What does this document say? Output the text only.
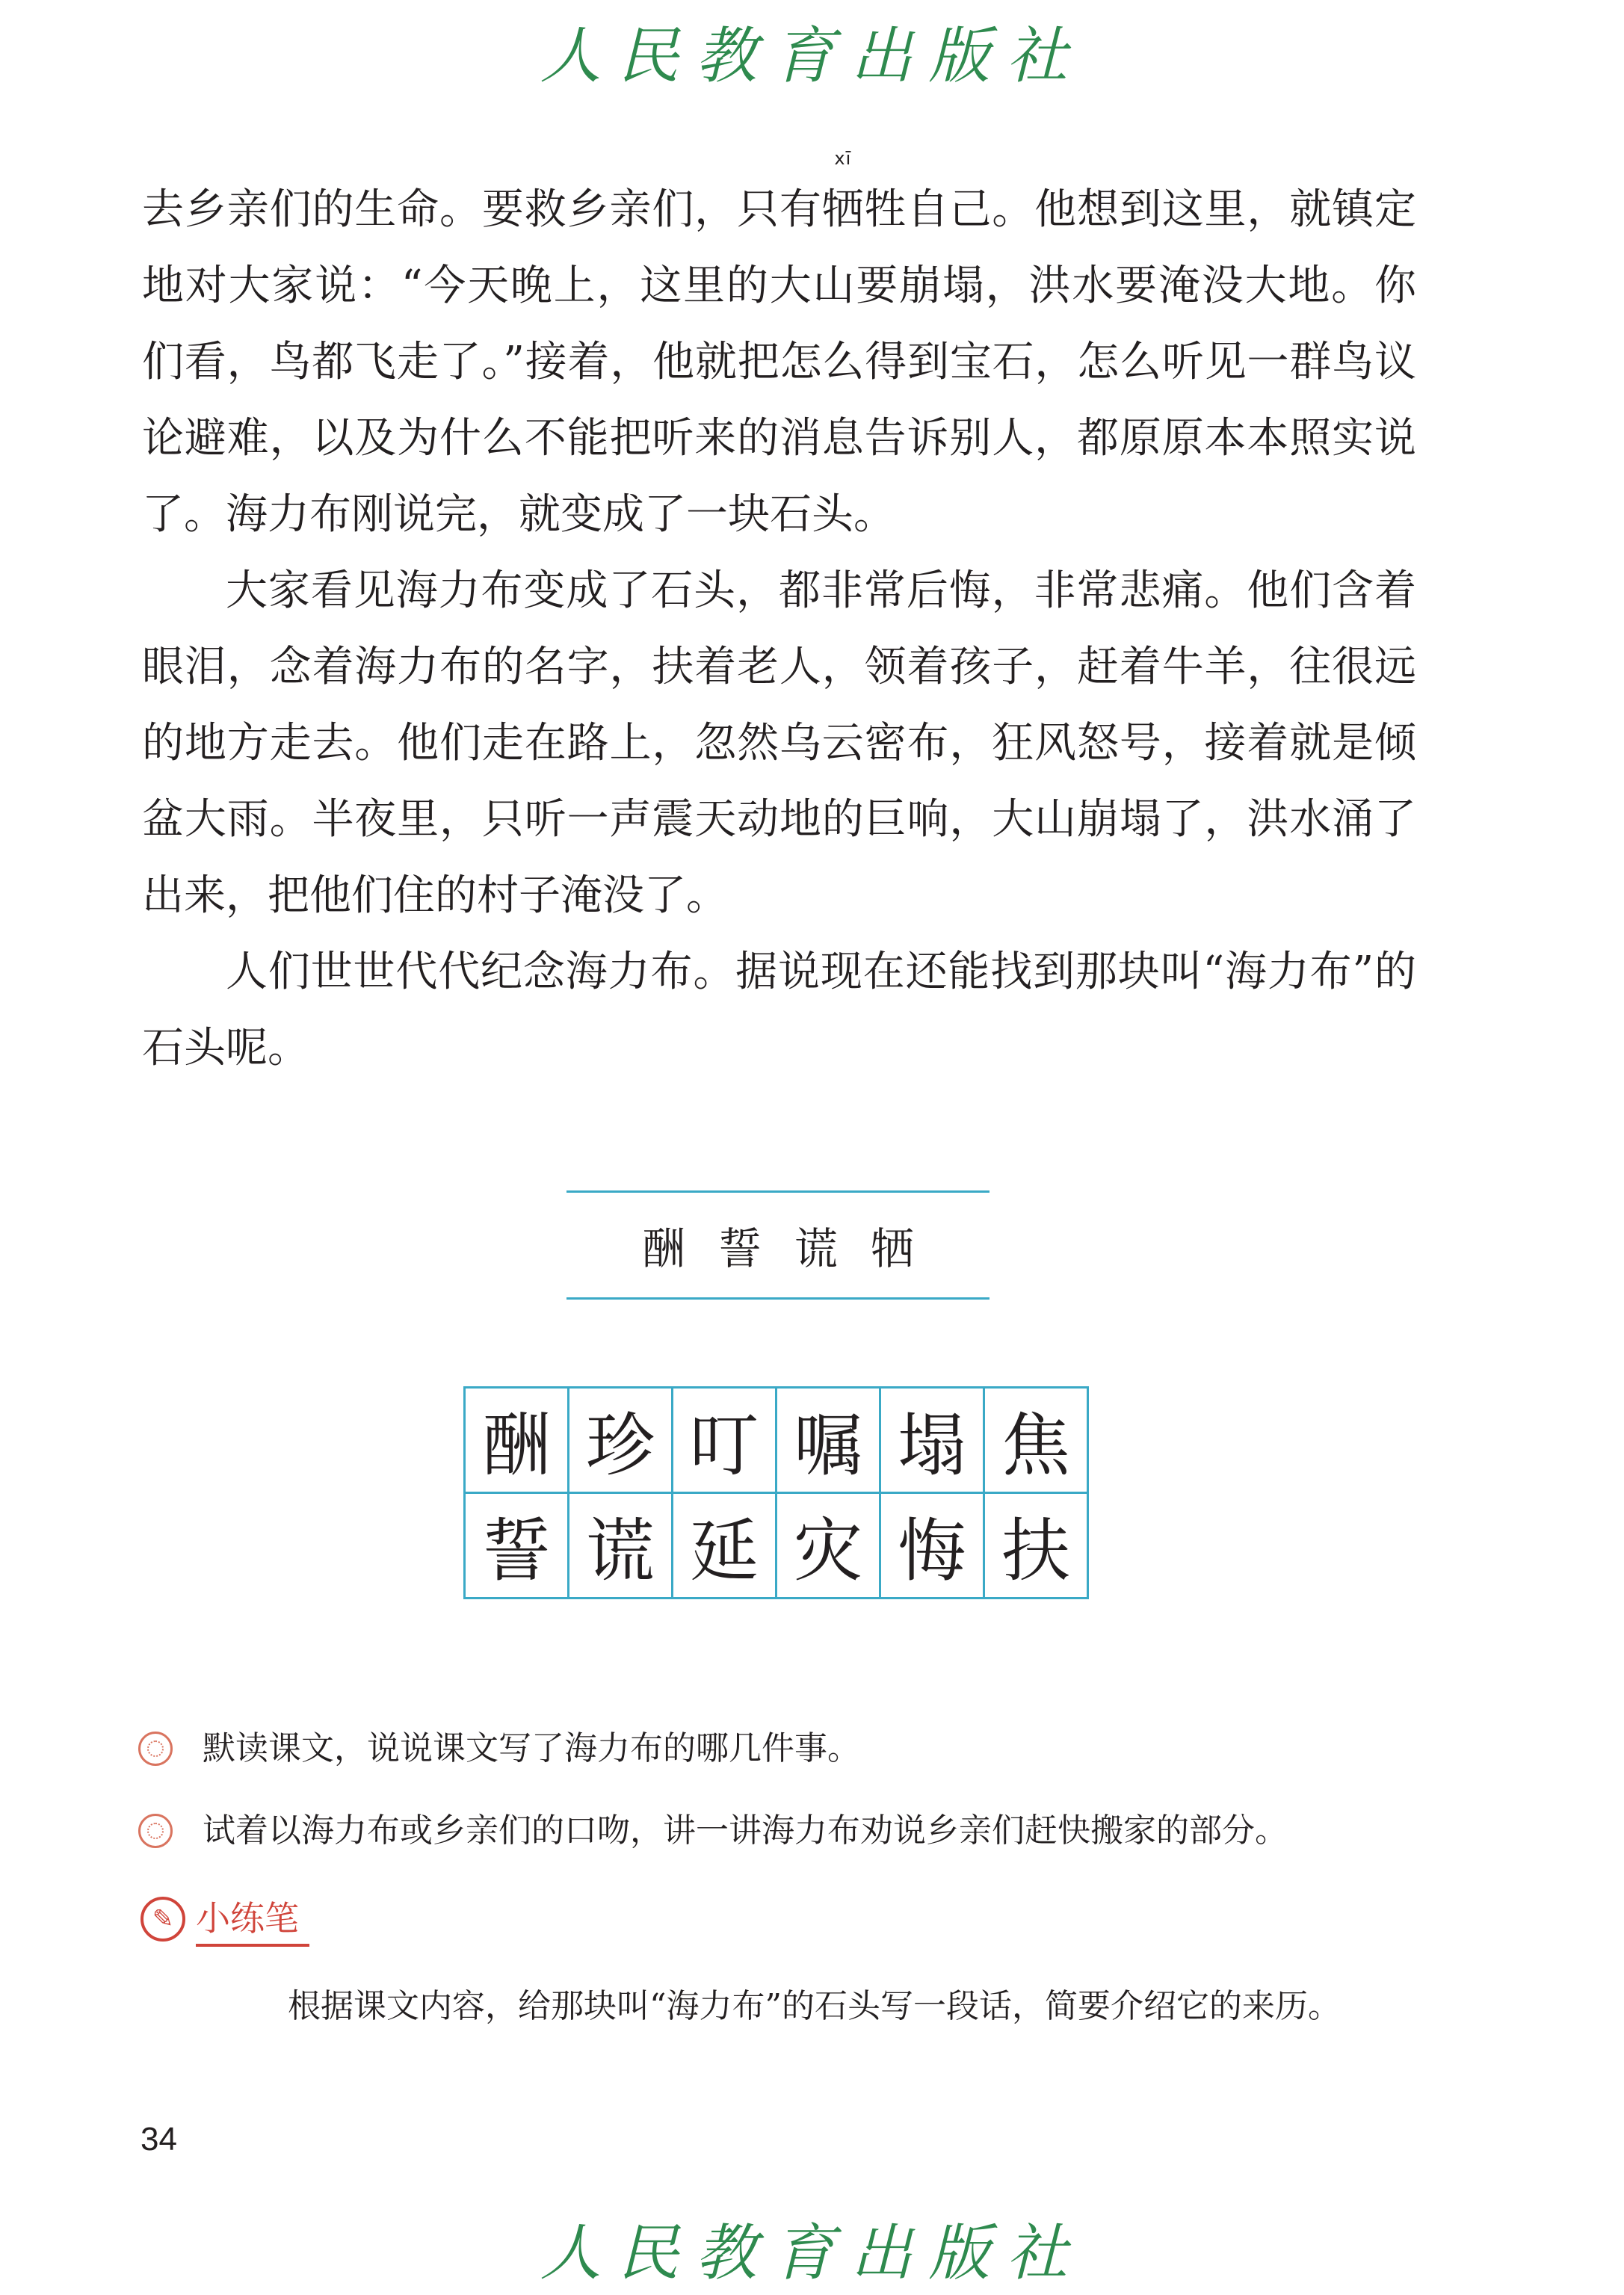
人民教育出版社

去乡亲们的生命。要救乡亲们，只有
xī
牺牲自己。他想到这里，就镇定地对大家说：“今天晚上，这里的大山要崩塌，洪水要淹没大地。你们看，鸟都飞走了。”接着，他就把怎么得到宝石，怎么听见一群鸟议论避难，以及为什么不能把听来的消息告诉别人，都原原本本照实说了。海力布刚说完，就变成了一块石头。

大家看见海力布变成了石头，都非常后悔，非常悲痛。他们含着眼泪，念着海力布的名字，扶着老人，领着孩子，赶着牛羊，往很远的地方走去。他们走在路上，忽然乌云密布，狂风怒号，接着就是倾盆大雨。半夜里，只听一声震天动地的巨响，大山崩塌了，洪水涌了出来，把他们住的村子淹没了。

人们世世代代纪念海力布。据说现在还能找到那块叫“海力布”的石头呢。

酬 誓 谎 牺
酬	珍	叮	嘱	塌	焦
誓	谎	延	灾	悔	扶
默读课文，说说课文写了海力布的哪几件事。
试着以海力布或乡亲们的口吻，讲一讲海力布劝说乡亲们赶快搬家的部分。
✎ 小练笔
根据课文内容，给那块叫“海力布”的石头写一段话，简要介绍它的来历。
34
人民教育出版社
